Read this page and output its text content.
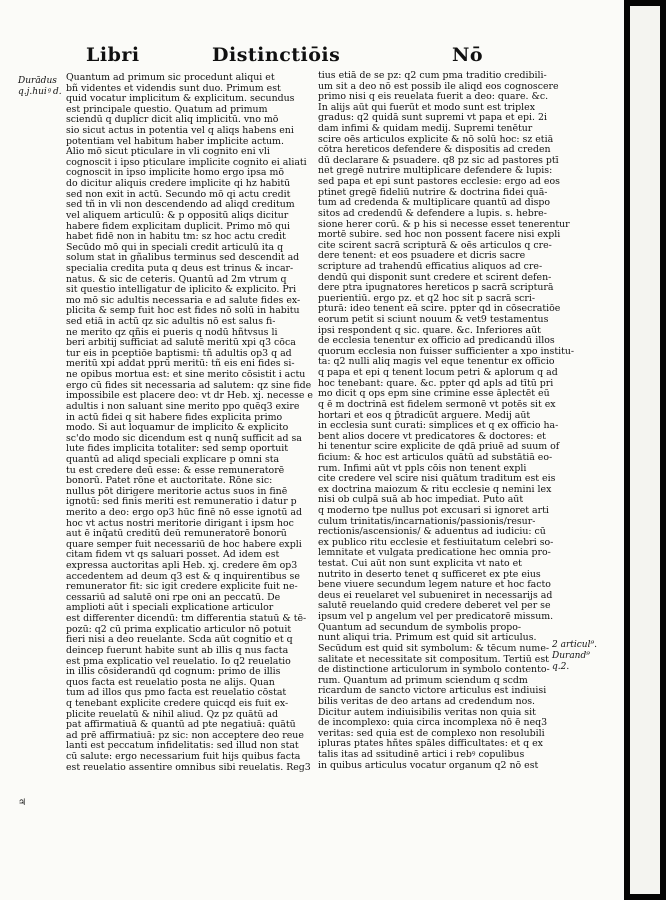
Libri	Distinctiōis	Nō
Durādus
q.j.huiꝰ d.
Quantum ad primum sic procedunt aliqui et
bñ videntes et videndis sunt duo. Primum est
quid vocatur implicitum & explicitum. secundus
est principale questio. Quatum ad primum
sciendū q duplicr dicit aliq implicitū. vno mō
sio sicut actus in potentia vel q aliqs habens eni
potentiam vel habitum haber implicite actum.
Alio mō sicut pticulare in vli cognito eni vli
cognoscit i ipso pticulare implicite cognito ei aliati
cognoscit in ipso implicite homo ergo ipsa mō
do dicitur aliquis credere implicite qi hz habitū
sed non exit in actū. Secundo mō qi actu credit
sed tñ in vli non descendendo ad aliqd creditum
vel aliquem articulū: & p oppositū aliqs dicitur
habere fidem explicitam duplicit. Primo mō qui
habet fidē non in habitu tm: sz hoc actu credit
Secūdo mō qui in speciali credit articulū ita q
solum stat in gñalibus terminus sed descendit ad
specialia credita puta q deus est trinus & incar-
natus. & sic de ceteris. Quantū ad 2m vtrum q
sit questio intelligatur de iplicito & explicito. Pri
mo mō sic adultis necessaria e ad salute fides ex-
plicita & semp fuit hoc est fides nō solū in habitu
sed etiā in actū qz sic adultis nō est salus fi-
ne merito qz qñis ei pueris q nodū hñtvsus li
beri arbitij sufficiat ad salutē meritū xpi q3 cōca
tur eis in pceptiōe baptismi: tñ adultis op3 q ad
meritū xpi addat pprū meritū: tñ eis eni fides si-
ne opibus mortua est: et sine merito cōsistit i actu
ergo cū fides sit necessaria ad salutem: qz sine fide
impossibile est placere deo: vt dr Heb. xj. necesse e
adultis i non saluant sine merito ppo quēq3 exire
in actū fidei q sit habere fides explicita primo
modo. Si aut loquamur de implicito & explicito
sc'do modo sic dicendum est q nunq̄ sufficit ad sa
lute fides implicita totaliter: sed semp oportuit
quantū ad aliqd speciali explicare p omni sta
tu est credere deū esse: & esse remuneratorē
bonorū. Patet rōne et auctoritate. Rōne sic:
nullus pōt dirigere meritorie actus suos in finē
ignotū: sed finis meriti est remuneratio i datur p
merito a deo: ergo op3 hūc finē nō esse ignotū ad
hoc vt actus nostri meritorie dirigant i ipsm hoc
aut ē inq̄atū creditū deū remuneratorē bonorū
quare semper fuit necessariū de hoc habere expli
citam fidem vt qs saluari posset. Ad idem est
expressa auctoritas apli Heb. xj. credere ēm op3
accedentem ad deum q3 est & q inquirentibus se
remunerator fit: sic igit credere explicite fuit ne-
cessariū ad salutē oni rpe oni an peccatū. De
amplioti aūt i speciali explicatione articulor
est differenter dicendū: tm differentia statuū & tē-
pozū: q2 cū prima explicatio articulor nō potuit
fieri nisi a deo reuelante. Scda aūt cognitio et q
deincep fuerunt habite sunt ab illis q nus facta
est pma explicatio vel reuelatio. Io q2 reuelatio
in illis cōsiderandū qd cognum: primo de illis
quos facta est reuelatio posta ne alijs. Quan
tum ad illos qus pmo facta est reuelatio cōstat
q tenebant explicite credere quicqd eis fuit ex-
plicite reuelatū & nihil aliud. Qz pz quātū ad
pat affirmatiuā & quantū ad pte negatiuā: quātū
ad prē affirmatiuā: pz sic: non acceptere deo reue
lanti est peccatum infidelitatis: sed illud non stat
cū salute: ergo necessarium fuit hijs quibus facta
est reuelatio assentire omnibus sibi reuelatis. Reg3
tius etiā de se pz: q2 cum pma traditio credibili-
um sit a deo nō est possib ile aliqd eos cognoscere
primo nisi q eis reuelata fuerit a deo: quare. &c.
In alijs aūt qui fuerūt et modo sunt est triplex
gradus: q2 quidā sunt supremi vt papa et epi. 2i
dam infimi & quidam medij. Supremi tenētur
scire oēs articulos explicite & nō solū hoc: sz etiā
cōtra hereticos defendere & dispositis ad creden
dū declarare & psuadere. q8 pz sic ad pastores ptī
net gregē nutrire multiplicare defendere & lupis:
sed papa et epi sunt pastores ecclesie: ergo ad eos
ptinet gregē fideliū nutrire & doctrina fidei quā-
tum ad credenda & multiplicare quantū ad dispo
sitos ad credendū & defendere a lupis. s. hebre-
sione herer corū. & p his si necesse esset tenerentur
mortē subire. sed hoc non possent facere nisi expli
cite scirent sacrā scripturā & oēs articulos q cre-
dere tenent: et eos psuadere et dicris sacre
scripture ad trahendū efficatius aliquos ad cre-
dendū qui disponit sunt credere et scirent defen-
dere ptra ipugnatores hereticos p sacrā scripturā
puerientiū. ergo pz. et q2 hoc sit p sacrā scri-
pturā: ideo tenent eā scire. ppter qd in cōsecratiōe
eorum petit si sciunt nouum & vet9 testamentus
ipsi respondent q sic. quare. &c. Inferiores aūt
de ecclesia tenentur ex officio ad predicandū illos
quorum ecclesia non fuisser sufficienter a xpo institu-
ta: q2 nulli aliq magis vel eque tenentur ex officio
q papa et epi q tenent locum petri & aplorum q ad
hoc tenebant: quare. &c. ppter qd apls ad tītū pri
mo dicit q ops epm sine crimine esse āplectēt eū
q ē m doctrinā est fidelem sermonē vt potēs sit ex
hortari et eos q p̄tradicūt arguere. Medij aūt
in ecclesia sunt curati: simplices et q ex officio ha-
bent alios docere vt predicatores & doctores: et
hi tenentur scire explicite de qdā priuē ad suum of
ficium: & hoc est articulos quātū ad substātiā eo-
rum. Infimi aūt vt ppls cōis non tenent expli
cite credere vel scire nisi quātum traditum est eis
ex doctrina maiozum & ritu ecclesie q nemini lex
nisi ob culpā suā ab hoc impediat. Puto aūt
q moderno tpe nullus pot excusari si ignoret arti
culum trinitatis/incarnationis/passionis/resur-
rectionis/ascensionis/ & aduentus ad iudiciu: cū
ex publico ritu ecclesie et festiuitatum celebri so-
lemnitate et vulgata predicatione hec omnia pro-
testat. Cui aūt non sunt explicita vt nato et
nutrito in deserto tenet q sufficeret ex pte eius
bene viuere secundum legem nature et hoc facto
deus ei reuelaret vel subueniret in necessarijs ad
salutē reuelando quid credere deberet vel per se
ipsum vel p angelum vel per predicatorē missum.
Quantum ad secundum de symbolis propo-
nunt aliqui tria. Primum est quid sit articulus.
Secūdum est quid sit symbolum: & tēcum nume-
salitate et necessitate sit compositum. Tertiū est
de distinctione articulorum in symbolo contento-
rum. Quantum ad primum sciendum q scdm
ricardum de sancto victore articulus est indiuisi
bilis veritas de deo artans ad credendum nos.
Dicitur autem indiuisibilis veritas non quia sit
de incomplexo: quia circa incomplexa nō ē neq3
veritas: sed quia est de complexo non resolubili
ipluras ptates hñtes spāles difficultates: et q ex
talis itas ad ssitudinē artici i rebꝰ copulibus
in quibus articulus vocatur organum q2 nō est
2 articul⁹.
Durand⁹
q.2.
♃
